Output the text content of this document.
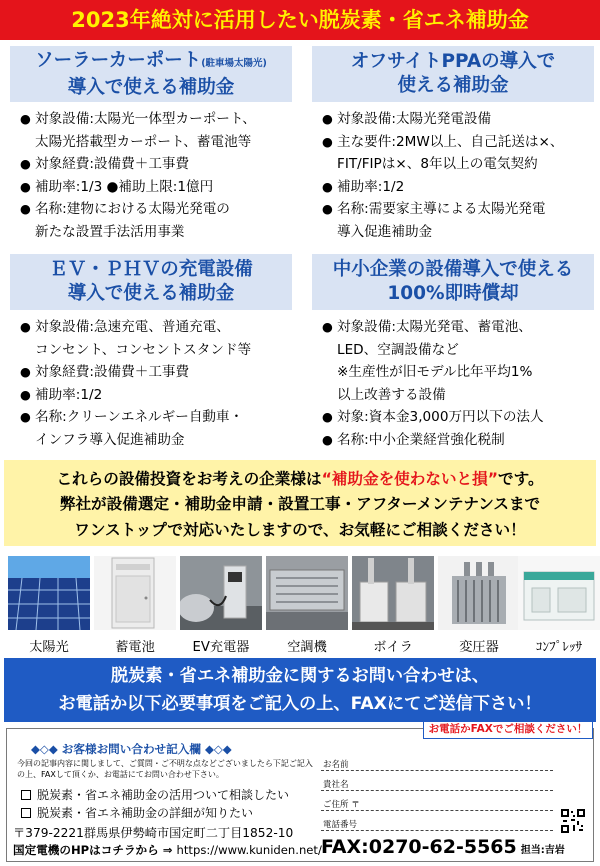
2023年絶対に活用したい脱炭素・省エネ補助金
ソーラーカーポート(駐車場太陽光)
導入で使える補助金
● 対象設備:太陽光一体型カーポート、
太陽光搭載型カーポート、蓄電池等
● 対象経費:設備費＋工事費
● 補助率:1/3 ●補助上限:1億円
● 名称:建物における太陽光発電の
新たな設置手法活用事業
オフサイトPPAの導入で
使える補助金
● 対象設備:太陽光発電設備
● 主な要件:2MW以上、自己託送は×、
FIT/FIPは×、8年以上の電気契約
● 補助率:1/2
● 名称:需要家主導による太陽光発電
導入促進補助金
ＥＶ・ＰＨＶの充電設備
導入で使える補助金
● 対象設備:急速充電、普通充電、
コンセント、コンセントスタンド等
● 対象経費:設備費＋工事費
● 補助率:1/2
● 名称:クリーンエネルギー自動車・
インフラ導入促進補助金
中小企業の設備導入で使える
100%即時償却
● 対象設備:太陽光発電、蓄電池、
LED、空調設備など
※生産性が旧モデル比年平均1%
以上改善する設備
● 対象:資本金3,000万円以下の法人
● 名称:中小企業経営強化税制
これらの設備投資をお考えの企業様は“補助金を使わないと損”です。
弊社が設備選定・補助金申請・設置工事・アフターメンテナンスまで
ワンストップで対応いたしますので、お気軽にご相談ください！
太陽光	蓄電池	EV充電器	空調機	ボイラ	変圧器	ｺﾝﾌﾟﾚｯｻ
脱炭素・省エネ補助金に関するお問い合わせは、
お電話か以下必要事項をご記入の上、FAXにてご送信下さい！
お電話かFAXでご相談ください！
◆◇◆ お客様お問い合わせ記入欄 ◆◇◆
今回の記事内容に関しまして、ご質問・ご不明な点などございましたら下記ご記入の上、FAXして頂くか、お電話にてお問い合わせ下さい。
脱炭素・省エネ補助金の活用ついて相談したい
脱炭素・省エネ補助金の詳細が知りたい
〒379-2221群馬県伊勢崎市国定町二丁目1852-10
国定電機のHPはコチラから ⇒ https://www.kuniden.net/
お名前
貴社名
ご住所 〒
電話番号
FAX:0270-62-5565 担当:吉岩
